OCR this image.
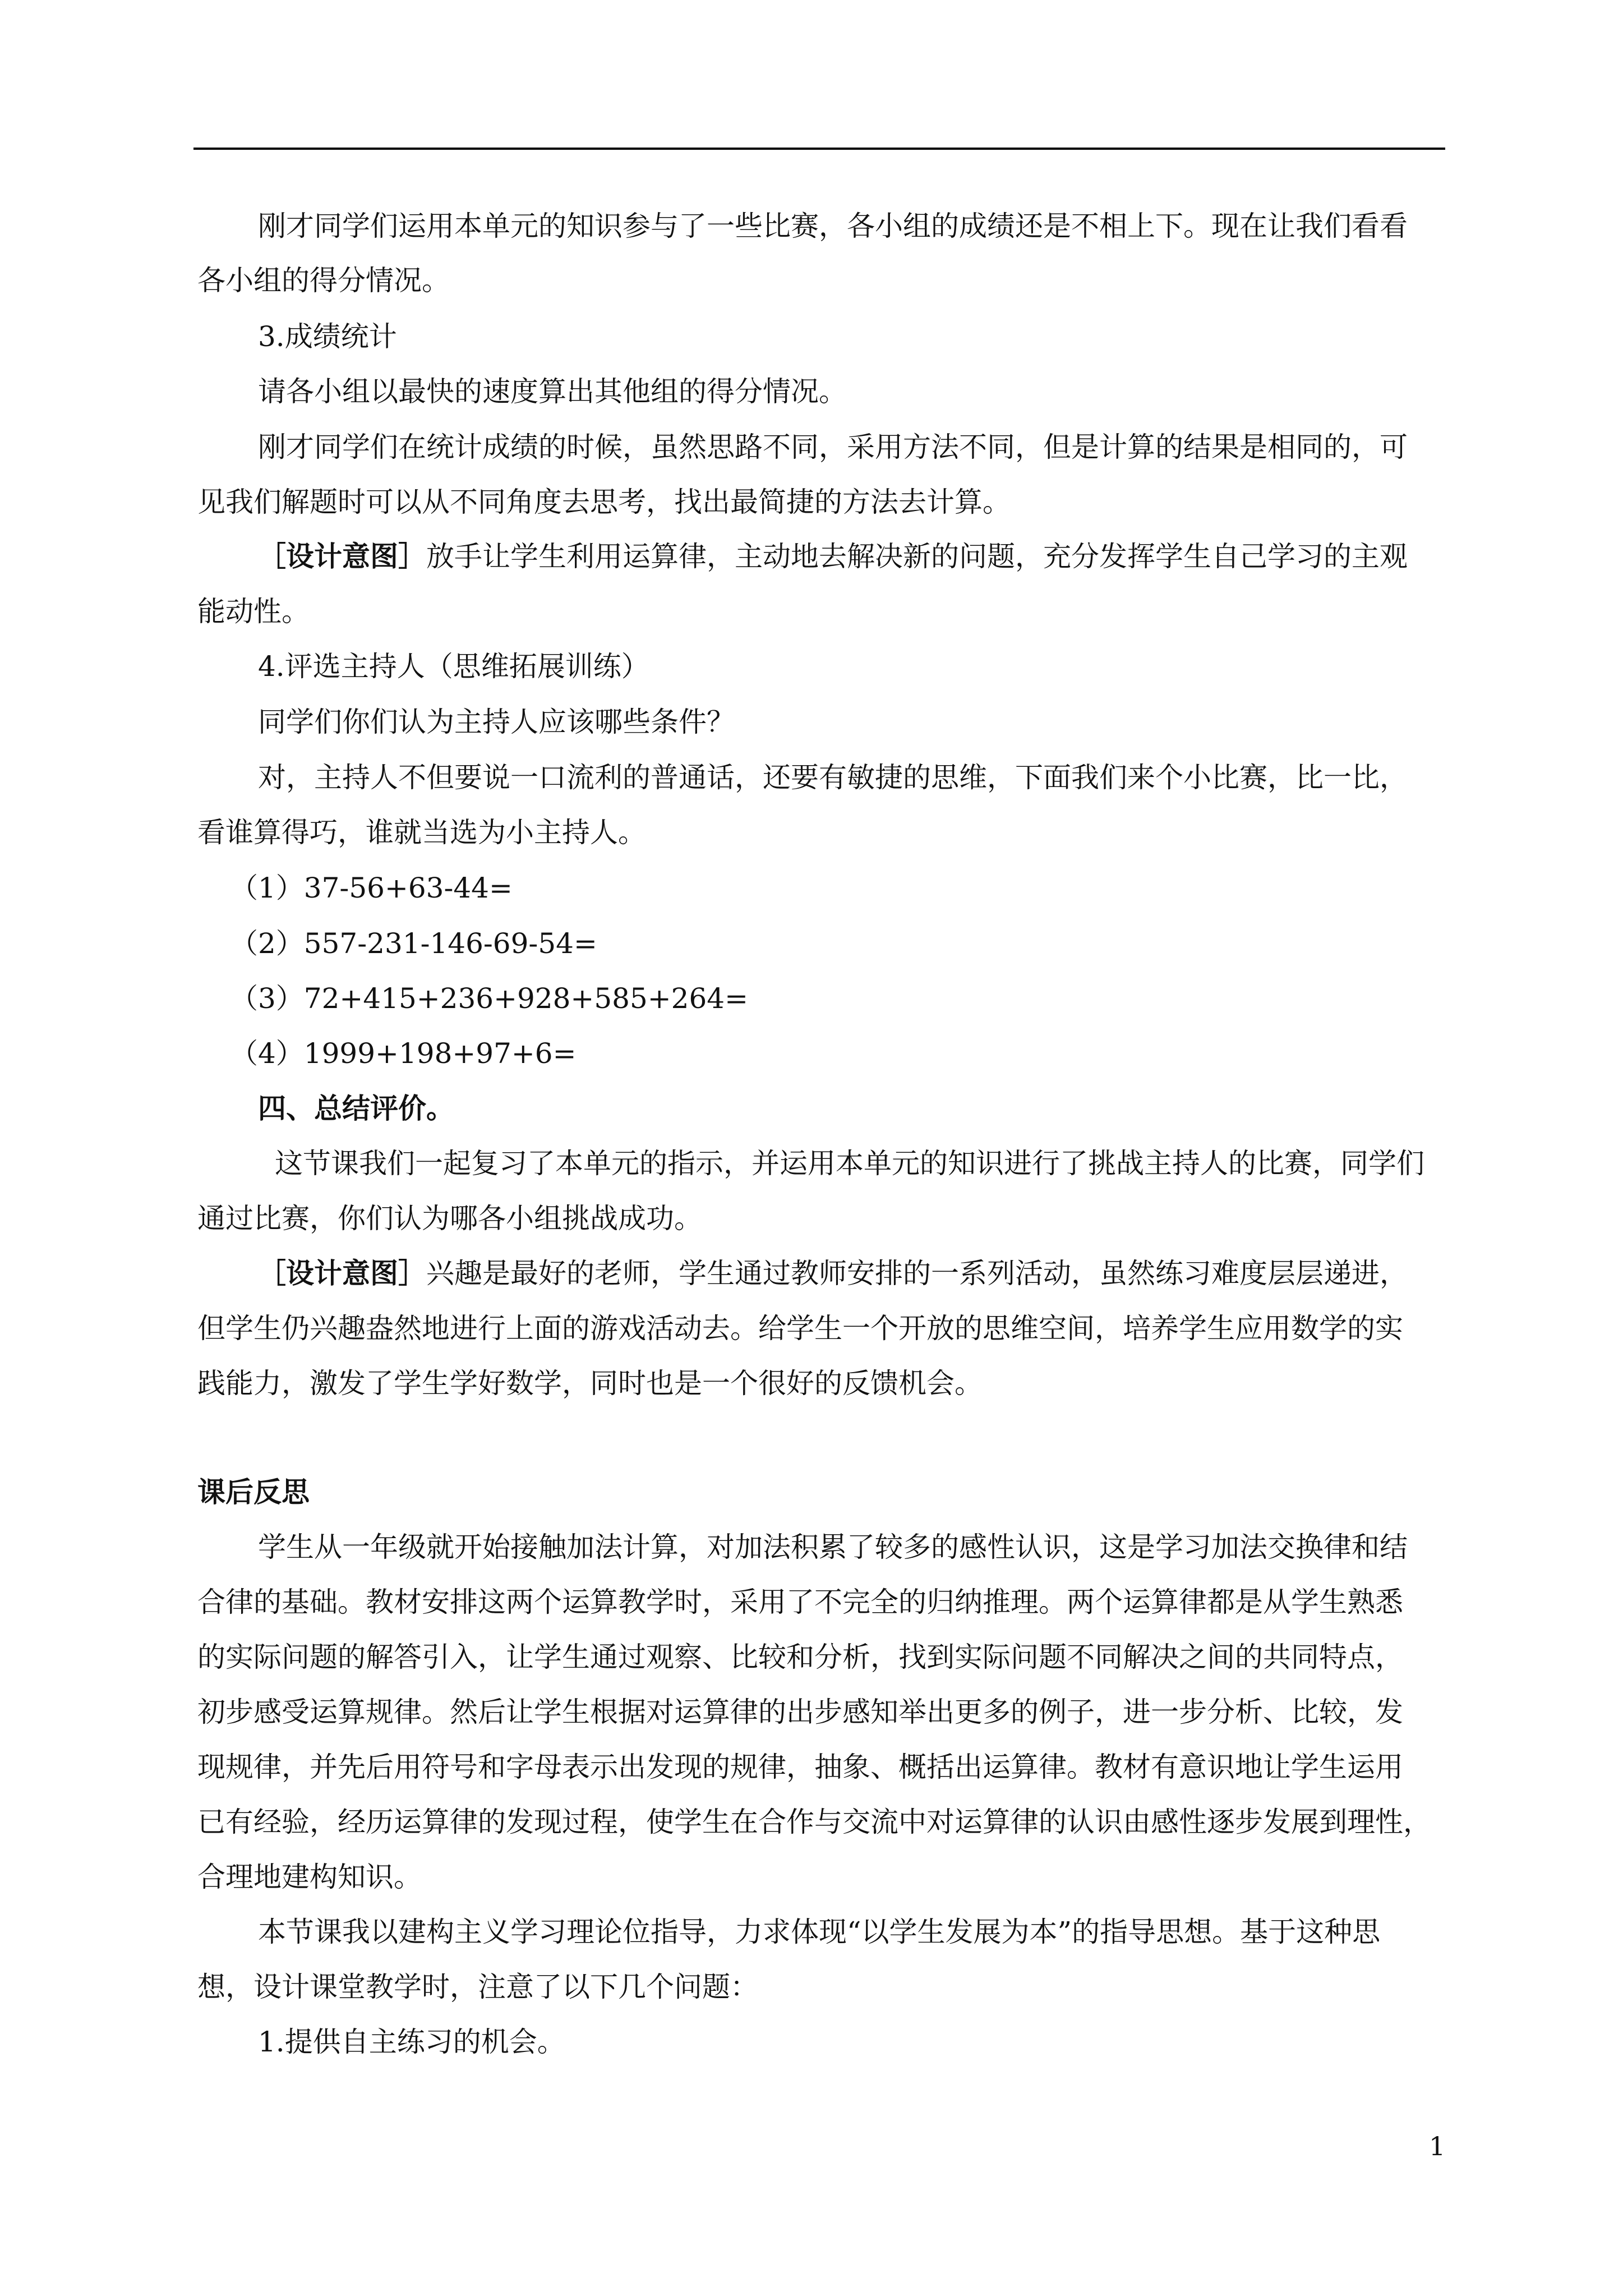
刚才同学们运用本单元的知识参与了一些比赛，各小组的成绩还是不相上下。现在让我们看看
各小组的得分情况。
3.成绩统计
请各小组以最快的速度算出其他组的得分情况。
刚才同学们在统计成绩的时候，虽然思路不同，采用方法不同，但是计算的结果是相同的，可
见我们解题时可以从不同角度去思考，找出最简捷的方法去计算。
［设计意图］放手让学生利用运算律，主动地去解决新的问题，充分发挥学生自己学习的主观
能动性。
4.评选主持人（思维拓展训练）
同学们你们认为主持人应该哪些条件？
对，主持人不但要说一口流利的普通话，还要有敏捷的思维，下面我们来个小比赛，比一比，
看谁算得巧，谁就当选为小主持人。
（1）37-56+63-44=
（2）557-231-146-69-54=
（3）72+415+236+928+585+264=
（4）1999+198+97+6=
四、总结评价。
这节课我们一起复习了本单元的指示，并运用本单元的知识进行了挑战主持人的比赛，同学们
通过比赛，你们认为哪各小组挑战成功。
［设计意图］兴趣是最好的老师，学生通过教师安排的一系列活动，虽然练习难度层层递进，
但学生仍兴趣盎然地进行上面的游戏活动去。给学生一个开放的思维空间，培养学生应用数学的实
践能力，激发了学生学好数学，同时也是一个很好的反馈机会。
课后反思
学生从一年级就开始接触加法计算，对加法积累了较多的感性认识，这是学习加法交换律和结
合律的基础。教材安排这两个运算教学时，采用了不完全的归纳推理。两个运算律都是从学生熟悉
的实际问题的解答引入，让学生通过观察、比较和分析，找到实际问题不同解决之间的共同特点，
初步感受运算规律。然后让学生根据对运算律的出步感知举出更多的例子，进一步分析、比较，发
现规律，并先后用符号和字母表示出发现的规律，抽象、概括出运算律。教材有意识地让学生运用
已有经验，经历运算律的发现过程，使学生在合作与交流中对运算律的认识由感性逐步发展到理性，
合理地建构知识。
本节课我以建构主义学习理论位指导，力求体现“以学生发展为本”的指导思想。基于这种思
想，设计课堂教学时，注意了以下几个问题：
1.提供自主练习的机会。
1
